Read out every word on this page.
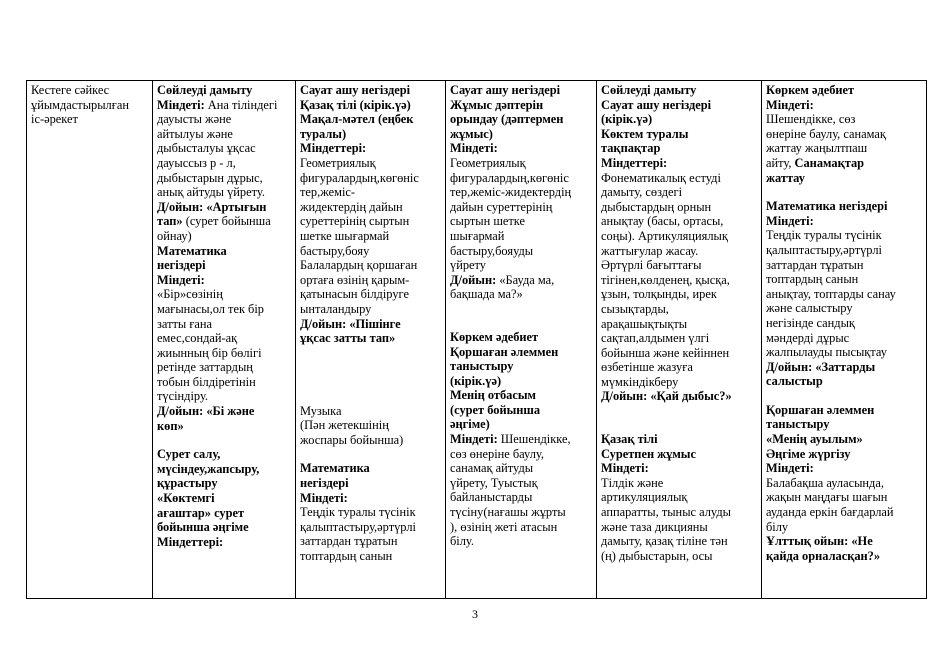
Кестеге сәйкес
ұйымдастырылған
іс-әрекет

Сөйлеуді дамыту
Міндеті: Ана тіліндегі
дауысты және
айтылуы және
дыбысталуы ұқсас
дауыссыз р - л,
дыбыстарын дұрыс,
анық айтуды үйрету.
Д/ойын: «Артығын
тап» (сурет бойынша
ойнау)
Математика
негіздері
Міндеті:
«Бір»сөзінің
мағынасы,ол тек бір
затты ғана
емес,сондай-ақ
жиынның бір бөлігі
ретінде заттардың
тобын білдіретінін
түсіндіру.
Д/ойын: «Бі және
көп»
Сурет салу,
мүсіндеу,жапсыру,
құрастыру
«Көктемгі
ағаштар» сурет
бойынша әңгіме
Міндеттері:

Сауат ашу негіздері
Қазақ тілі (кірік.үә)
Мақал-мәтел (еңбек
туралы)
Міндеттері:
Геометриялық
фигуралардың,көгөніс
тер,жеміс-
жидектердің дайын
суреттерінің сыртын
шетке шығармай
бастыру,бояу
Балалардың қоршаған
ортаға өзінің қарым-
қатынасын білдіруге
ынталандыру
Д/ойын: «Пішінге
ұқсас затты тап»
Музыка
(Пән жетекшінің
жоспары бойынша)
Математика
негіздері
Міндеті:
Теңдік туралы түсінік
қалыптастыру,әртүрлі
заттардан тұратын
топтардың санын

Сауат ашу негіздері
Жұмыс дәптерін
орындау (дәптермен
жұмыс)
Міндеті:
Геометриялық
фигуралардың,көгөніс
тер,жеміс-жидектердің
дайын суреттерінің
сыртын шетке
шығармай
бастыру,бояуды
үйрету
Д/ойын: «Бауда ма,
бақшада ма?»
Көркем әдебиет
Қоршаған әлеммен
таныстыру
(кірік.үә)
Менің отбасым
(сурет бойынша
әңгіме)
Міндеті: Шешендікке,
сөз өнеріне баулу,
санамақ айтуды
үйрету, Туыстық
байланыстарды
түсіну(нағашы жұрты
), өзінің жеті атасын
білу.

Сөйлеуді дамыту
Сауат ашу негіздері
(кірік.үә)
Көктем туралы
тақпақтар
Міндеттері:
Фонематикалық естуді
дамыту, сөздегі
дыбыстардың орнын
анықтау (басы, ортасы,
соңы). Артикуляциялық
жаттығулар жасау.
Әртүрлі бағыттағы
тігінен,көлденең, қысқа,
ұзын, толқынды, ирек
сызықтарды,
арақашықтықты
сақтап,алдымен үлгі
бойынша және кейіннен
өзбетінше жазуға
мүмкіндікберу
Д/ойын: «Қай дыбыс?»
Қазақ тілі
Суретпен жұмыс
Міндеті:
Тілдік және
артикуляциялық
аппаратты, тыныс алуды
және таза дикцияны
дамыту, қазақ тіліне тән
(ң) дыбыстарын, осы

Көркем әдебиет
Міндеті:
Шешендікке, сөз
өнеріне баулу, санамақ
жаттау жаңылтпаш
айту, Санамақтар
жаттау
Математика негіздері
Міндеті:
Теңдік туралы түсінік
қалыптастыру,әртүрлі
заттардан тұратын
топтардың санын
анықтау, топтарды санау
және салыстыру
негізінде сандық
мәндерді дұрыс
жалпылауды пысықтау
Д/ойын: «Заттарды
салыстыр
Қоршаған әлеммен
таныстыру
«Менің ауылым»
Әңгіме жүргізу
Міндеті:
Балабақша ауласында,
жақын маңдағы шағын
ауданда еркін бағдарлай
білу
Ұлттық ойын: «Не
қайда орналасқан?»
3
